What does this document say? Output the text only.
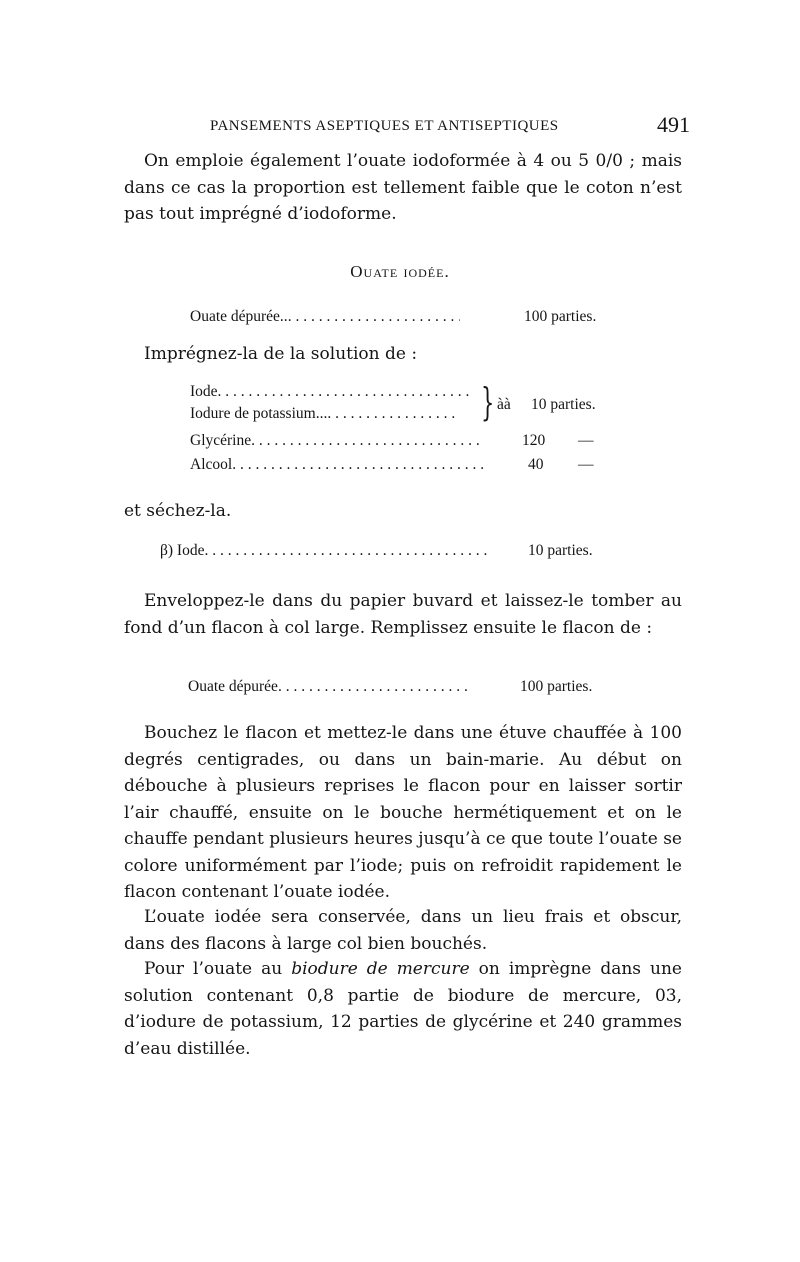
PANSEMENTS ASEPTIQUES ET ANTISEPTIQUES	491

On emploie également l’ouate iodoformée à 4 ou 5 0/0 ; mais dans ce cas la proportion est tellement faible que le coton n’est pas tout imprégné d’iodoforme.

Ouate iodée.
Ouate dépurée.. . . .	100 parties.

Imprégnez-la de la solution de :

Iode. . .
Iodure de potassium... . . .	} àà 10 parties.
Glycérine . . .	120 —
Alcool . . .	40 —

et séchez-la.

β) Iode . . .	10 parties.

Enveloppez-le dans du papier buvard et laissez-le tomber au fond d’un flacon à col large. Remplissez ensuite le flacon de :

Ouate dépurée . . .	100 parties.

Bouchez le flacon et mettez-le dans une étuve chauffée à 100 degrés centigrades, ou dans un bain-marie. Au début on débouche à plusieurs reprises le flacon pour en laisser sortir l’air chauffé, ensuite on le bouche hermétiquement et on le chauffe pendant plusieurs heures jusqu’à ce que toute l’ouate se colore uniformément par l’iode; puis on refroidit rapidement le flacon contenant l’ouate iodée.

L’ouate iodée sera conservée, dans un lieu frais et obscur, dans des flacons à large col bien bouchés.

Pour l’ouate au biodure de mercure on imprègne dans une solution contenant 0,8 partie de biodure de mercure, 03, d’iodure de potassium, 12 parties de glycérine et 240 grammes d’eau distillée.
